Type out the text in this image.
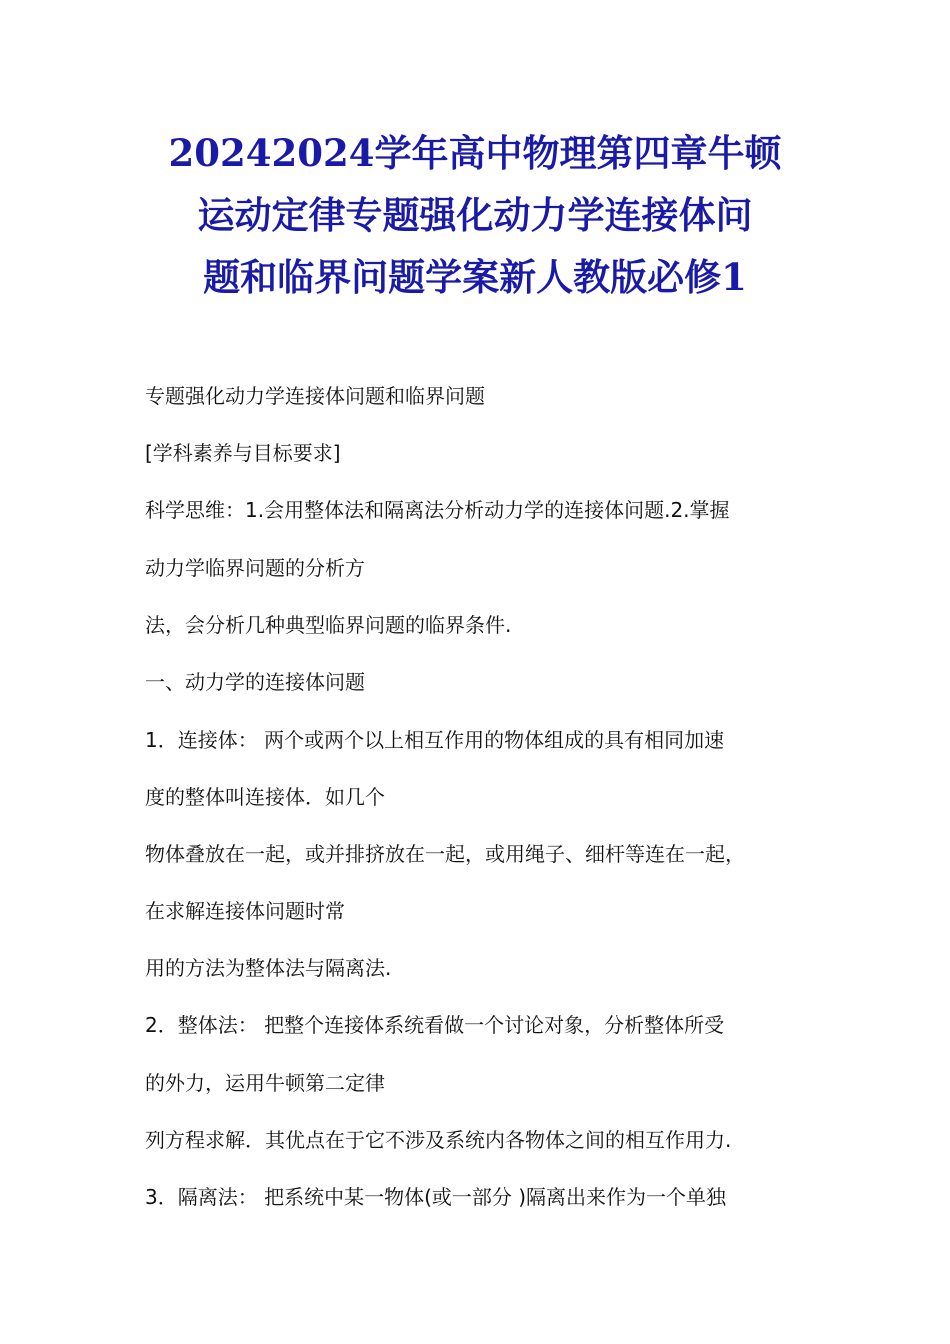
20242024学年高中物理第四章牛顿
运动定律专题强化动力学连接体问
题和临界问题学案新人教版必修1
专题强化动力学连接体问题和临界问题
[学科素养与目标要求]
科学思维：1.会用整体法和隔离法分析动力学的连接体问题.2.掌握
动力学临界问题的分析方
法，会分析几种典型临界问题的临界条件.
一、动力学的连接体问题
1．连接体： 两个或两个以上相互作用的物体组成的具有相同加速
度的整体叫连接体．如几个
物体叠放在一起，或并排挤放在一起，或用绳子、细杆等连在一起，
在求解连接体问题时常
用的方法为整体法与隔离法.
2．整体法： 把整个连接体系统看做一个讨论对象，分析整体所受
的外力，运用牛顿第二定律
列方程求解．其优点在于它不涉及系统内各物体之间的相互作用力.
3．隔离法： 把系统中某一物体(或一部分 )隔离出来作为一个单独
